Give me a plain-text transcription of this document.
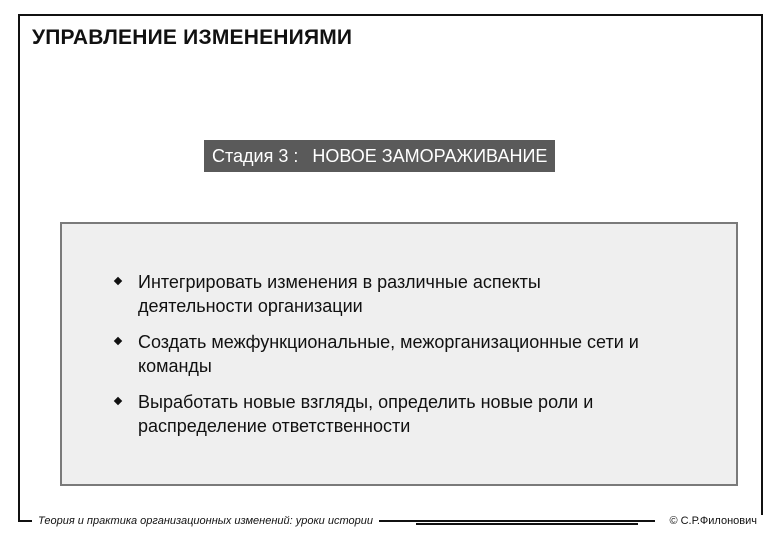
УПРАВЛЕНИЕ ИЗМЕНЕНИЯМИ
Стадия 3 : НОВОЕ ЗАМОРАЖИВАНИЕ
Интегрировать изменения в различные аспекты
деятельности организации
Создать межфункциональные, межорганизационные сети и
команды
Выработать новые взгляды, определить новые роли и
распределение ответственности
Теория и практика организационных изменений: уроки истории	© С.Р.Филонович
